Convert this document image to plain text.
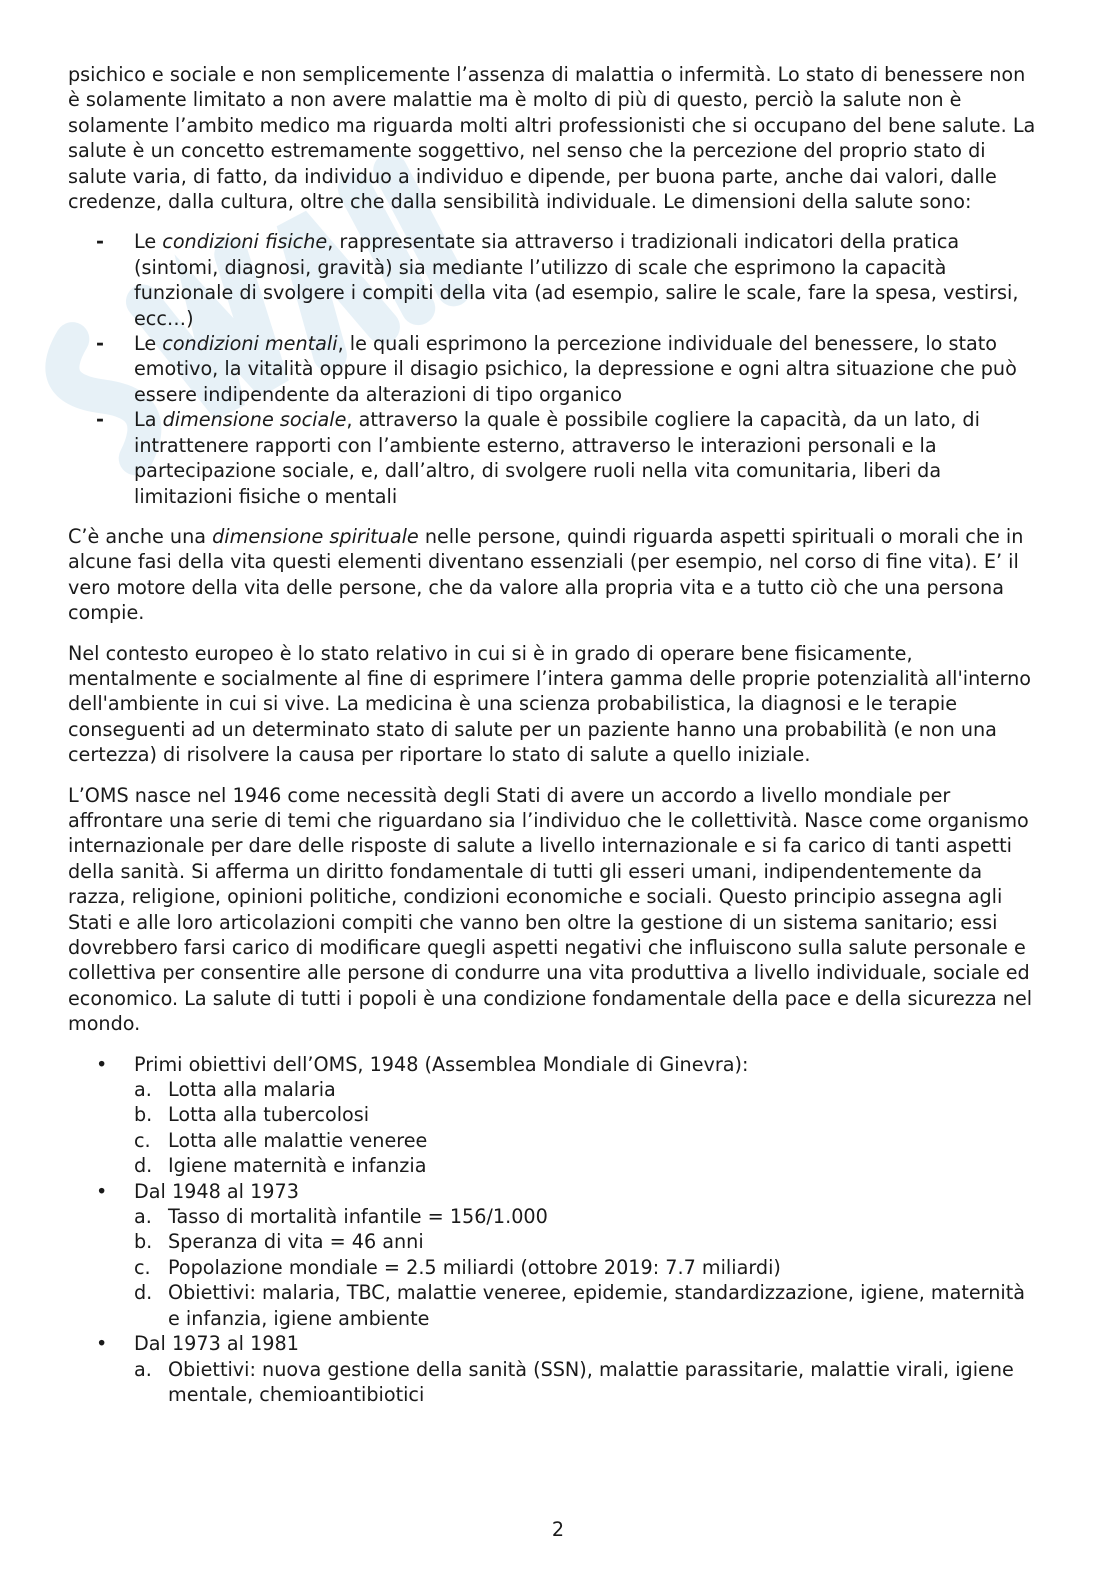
psichico e sociale e non semplicemente l’assenza di malattia o infermità. Lo stato di benessere non è solamente limitato a non avere malattie ma è molto di più di questo, perciò la salute non è solamente l’ambito medico ma riguarda molti altri professionisti che si occupano del bene salute. La salute è un concetto estremamente soggettivo, nel senso che la percezione del proprio stato di salute varia, di fatto, da individuo a individuo e dipende, per buona parte, anche dai valori, dalle credenze, dalla cultura, oltre che dalla sensibilità individuale. Le dimensioni della salute sono:

- Le condizioni fisiche, rappresentate sia attraverso i tradizionali indicatori della pratica (sintomi, diagnosi, gravità) sia mediante l’utilizzo di scale che esprimono la capacità funzionale di svolgere i compiti della vita (ad esempio, salire le scale, fare la spesa, vestirsi, ecc…)
- Le condizioni mentali, le quali esprimono la percezione individuale del benessere, lo stato emotivo, la vitalità oppure il disagio psichico, la depressione e ogni altra situazione che può essere indipendente da alterazioni di tipo organico
- La dimensione sociale, attraverso la quale è possibile cogliere la capacità, da un lato, di intrattenere rapporti con l’ambiente esterno, attraverso le interazioni personali e la partecipazione sociale, e, dall’altro, di svolgere ruoli nella vita comunitaria, liberi da limitazioni fisiche o mentali

C’è anche una dimensione spirituale nelle persone, quindi riguarda aspetti spirituali o morali che in alcune fasi della vita questi elementi diventano essenziali (per esempio, nel corso di fine vita). E’ il vero motore della vita delle persone, che da valore alla propria vita e a tutto ciò che una persona compie.

Nel contesto europeo è lo stato relativo in cui si è in grado di operare bene fisicamente, mentalmente e socialmente al fine di esprimere l’intera gamma delle proprie potenzialità all'interno dell'ambiente in cui si vive. La medicina è una scienza probabilistica, la diagnosi e le terapie conseguenti ad un determinato stato di salute per un paziente hanno una probabilità (e non una certezza) di risolvere la causa per riportare lo stato di salute a quello iniziale.

L’OMS nasce nel 1946 come necessità degli Stati di avere un accordo a livello mondiale per affrontare una serie di temi che riguardano sia l’individuo che le collettività. Nasce come organismo internazionale per dare delle risposte di salute a livello internazionale e si fa carico di tanti aspetti della sanità. Si afferma un diritto fondamentale di tutti gli esseri umani, indipendentemente da razza, religione, opinioni politiche, condizioni economiche e sociali. Questo principio assegna agli Stati e alle loro articolazioni compiti che vanno ben oltre la gestione di un sistema sanitario; essi dovrebbero farsi carico di modificare quegli aspetti negativi che influiscono sulla salute personale e collettiva per consentire alle persone di condurre una vita produttiva a livello individuale, sociale ed economico. La salute di tutti i popoli è una condizione fondamentale della pace e della sicurezza nel mondo.

• Primi obiettivi dell’OMS, 1948 (Assemblea Mondiale di Ginevra):
a. Lotta alla malaria
b. Lotta alla tubercolosi
c. Lotta alle malattie veneree
d. Igiene maternità e infanzia
• Dal 1948 al 1973
a. Tasso di mortalità infantile = 156/1.000
b. Speranza di vita = 46 anni
c. Popolazione mondiale = 2.5 miliardi (ottobre 2019: 7.7 miliardi)
d. Obiettivi: malaria, TBC, malattie veneree, epidemie, standardizzazione, igiene, maternità e infanzia, igiene ambiente
• Dal 1973 al 1981
a. Obiettivi: nuova gestione della sanità (SSN), malattie parassitarie, malattie virali, igiene mentale, chemioantibiotici
2
